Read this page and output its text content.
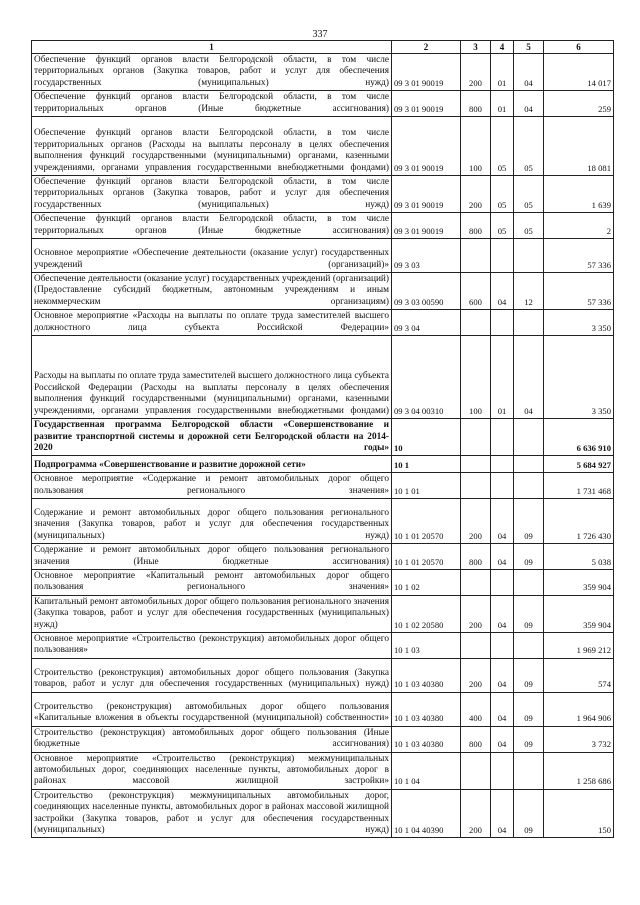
337
1	2	3	4	5	6
Обеспечение функций органов власти Белгородской области, в том числе территориальных органов (Закупка товаров, работ и услуг для обеспечения государственных (муниципальных) нужд)	09 3 01 90019	200	01	04	14 017
Обеспечение функций органов власти Белгородской области, в том числе территориальных органов (Иные бюджетные ассигнования)	09 3 01 90019	800	01	04	259
Обеспечение функций органов власти Белгородской области, в том числе территориальных органов (Расходы на выплаты персоналу в целях обеспечения выполнения функций государственными (муниципальными) органами, казенными учреждениями, органами управления государственными внебюджетными фондами)	09 3 01 90019	100	05	05	18 081
Обеспечение функций органов власти Белгородской области, в том числе территориальных органов (Закупка товаров, работ и услуг для обеспечения государственных (муниципальных) нужд)	09 3 01 90019	200	05	05	1 639
Обеспечение функций органов власти Белгородской области, в том числе территориальных органов (Иные бюджетные ассигнования)	09 3 01 90019	800	05	05	2
Основное мероприятие «Обеспечение деятельности (оказание услуг) государственных учреждений (организаций)»	09 3 03				57 336
Обеспечение деятельности (оказание услуг) государственных учреждений (организаций) (Предоставление субсидий бюджетным, автономным учреждениям и иным некоммерческим организациям)	09 3 03 00590	600	04	12	57 336
Основное мероприятие «Расходы на выплаты по оплате труда заместителей высшего должностного лица субъекта Российской Федерации»	09 3 04				3 350
Расходы на выплаты по оплате труда заместителей высшего должностного лица субъекта Российской Федерации (Расходы на выплаты персоналу в целях обеспечения выполнения функций государственными (муниципальными) органами, казенными учреждениями, органами управления государственными внебюджетными фондами)	09 3 04 00310	100	01	04	3 350
Государственная программа Белгородской области «Совершенствование и развитие транспортной системы и дорожной сети Белгородской области на 2014-2020 годы»	10				6 636 910
Подпрограмма «Совершенствование и развитие дорожной сети»	10 1				5 684 927
Основное мероприятие «Содержание и ремонт автомобильных дорог общего пользования регионального значения»	10 1 01				1 731 468
Содержание и ремонт автомобильных дорог общего пользования регионального значения (Закупка товаров, работ и услуг для обеспечения государственных (муниципальных) нужд)	10 1 01 20570	200	04	09	1 726 430
Содержание и ремонт автомобильных дорог общего пользования регионального значения (Иные бюджетные ассигнования)	10 1 01 20570	800	04	09	5 038
Основное мероприятие «Капитальный ремонт автомобильных дорог общего пользования регионального значения»	10 1 02				359 904
Капитальный ремонт автомобильных дорог общего пользования регионального значения (Закупка товаров, работ и услуг для обеспечения государственных (муниципальных) нужд)	10 1 02 20580	200	04	09	359 904
Основное мероприятие «Строительство (реконструкция) автомобильных дорог общего пользования»	10 1 03				1 969 212
Строительство (реконструкция) автомобильных дорог общего пользования (Закупка товаров, работ и услуг для обеспечения государственных (муниципальных) нужд)	10 1 03 40380	200	04	09	574
Строительство (реконструкция) автомобильных дорог общего пользования «Капитальные вложения в объекты государственной (муниципальной) собственности»	10 1 03 40380	400	04	09	1 964 906
Строительство (реконструкция) автомобильных дорог общего пользования (Иные бюджетные ассигнования)	10 1 03 40380	800	04	09	3 732
Основное мероприятие «Строительство (реконструкция) межмуниципальных автомобильных дорог, соединяющих населенные пункты, автомобильных дорог в районах массовой жилищной застройки»	10 1 04				1 258 686
Строительство (реконструкция) межмуниципальных автомобильных дорог, соединяющих населенные пункты, автомобильных дорог в районах массовой жилищной застройки (Закупка товаров, работ и услуг для обеспечения государственных (муниципальных) нужд)	10 1 04 40390	200	04	09	150
